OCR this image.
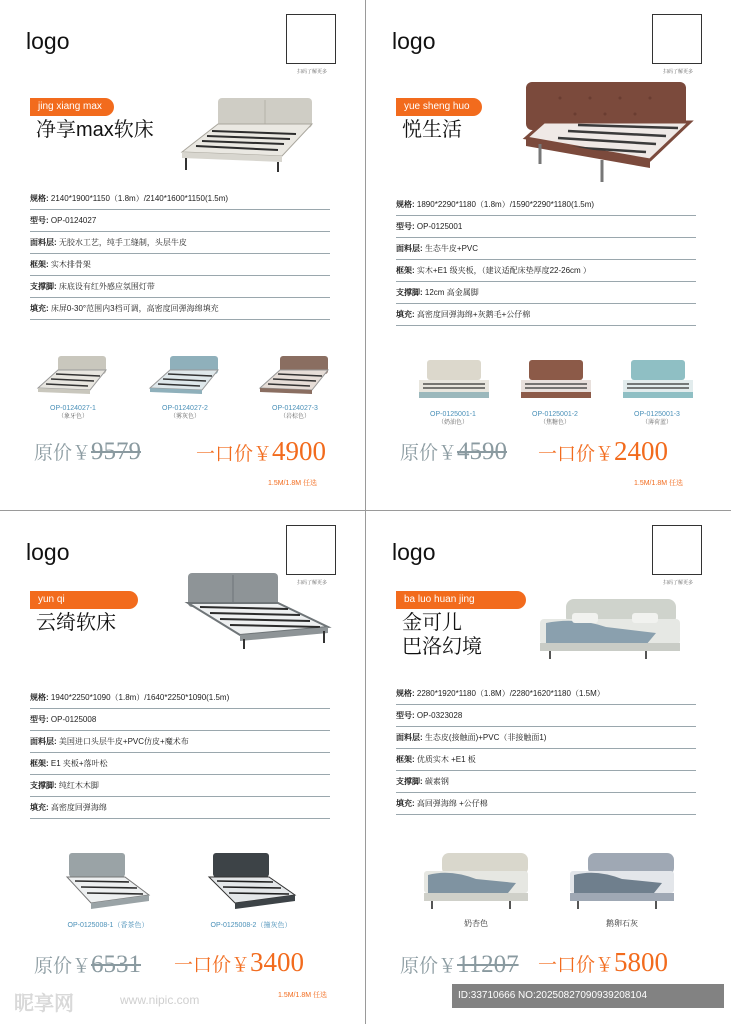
logo
扫码了解更多
jing xiang max
净享max软床
规格: 2140*1900*1150（1.8m）/2140*1600*1150(1.5m)
型号: OP-0124027
面料层: 无胶水工艺，纯手工缝制，头层牛皮
框架: 实木排骨架
支撑脚: 床底设有红外感应氛围灯带
填充: 床屏0-30°范围内3档可调，高密度回弹海绵填充
OP-0124027-1
（象牙色）
OP-0124027-2
（雾灰色）
OP-0124027-3
（岩棕色）
原价￥9579	一口价￥4900
1.5M/1.8M 任选
logo
扫码了解更多
yue sheng huo
悦生活
规格: 1890*2290*1180（1.8m）/1590*2290*1180(1.5m)
型号: OP-0125001
面料层: 生态牛皮+PVC
框架: 实木+E1 级夹板，（建议适配床垫厚度22-26cm ）
支撑脚: 12cm 高金属脚
填充: 高密度回弹海绵+灰鹅毛+公仔棉
OP-0125001-1
（奶油色）
OP-0125001-2
（焦糖色）
OP-0125001-3
（薄荷蓝）
原价￥4590 一口价￥2400
1.5M/1.8M 任选
logo
扫码了解更多
yun qi
云绮软床
规格: 1940*2250*1090（1.8m）/1640*2250*1090(1.5m)
型号: OP-0125008
面料层: 美国进口头层牛皮+PVC仿皮+魔术布
框架: E1 夹板+落叶松
支撑脚: 纯红木木脚
填充: 高密度回弹海绵
OP-0125008-1（香茶色）	OP-0125008-2（撞灰色）
原价￥6531 一口价￥3400
1.5M/1.8M 任选
logo
扫码了解更多
ba luo huan jing
金可儿
巴洛幻境
规格: 2280*1920*1180（1.8M）/2280*1620*1180（1.5M）
型号: OP-0323028
面料层: 生态皮(接触面)+PVC（非接触面1)
框架: 优质实木 +E1 板
支撑脚: 碳素钢
填充: 高回弹海绵 +公仔棉
奶杏色	鹅卵石灰
原价￥11207 一口价￥5800
昵享网	www.nipic.com	ID:33710666 NO:20250827090939208104
